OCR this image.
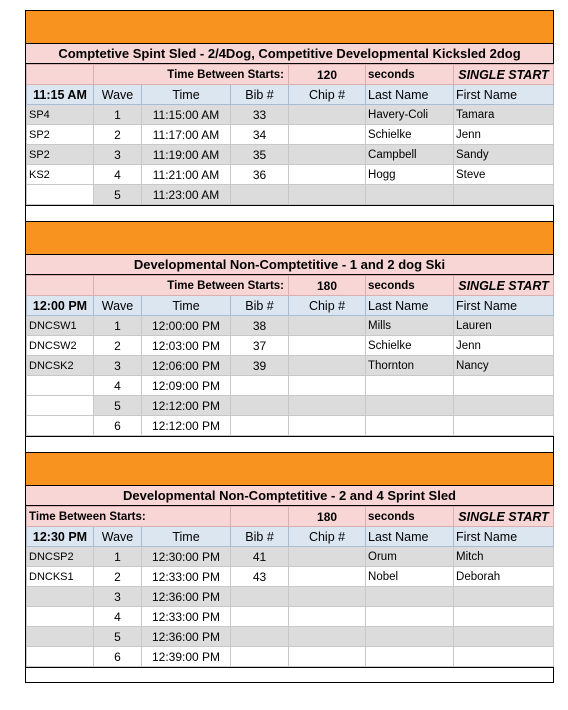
Comptetive Spint Sled - 2/4Dog, Competitive Developmental Kicksled 2dog
	Time Between Starts:			120	seconds	SINGLE START
11:15 AM	Wave	Time	Bib #	Chip #	Last Name	First Name
SP4	1	11:15:00 AM	33		Havery-Coli	Tamara
SP2	2	11:17:00 AM	34		Schielke	Jenn
SP2	3	11:19:00 AM	35		Campbell	Sandy
KS2	4	11:21:00 AM	36		Hogg	Steve
	5	11:23:00 AM				
Developmental Non-Comptetitive - 1 and 2 dog Ski
	Time Between Starts:			180	seconds	SINGLE START
12:00 PM	Wave	Time	Bib #	Chip #	Last Name	First Name
DNCSW1	1	12:00:00 PM	38		Mills	Lauren
DNCSW2	2	12:03:00 PM	37		Schielke	Jenn
DNCSK2	3	12:06:00 PM	39		Thornton	Nancy
	4	12:09:00 PM				
	5	12:12:00 PM				
	6	12:12:00 PM				
Developmental Non-Comptetitive - 2 and 4 Sprint Sled
Time Between Starts:				180	seconds	SINGLE START
12:30 PM	Wave	Time	Bib #	Chip #	Last Name	First Name
DNCSP2	1	12:30:00 PM	41		Orum	Mitch
DNCKS1	2	12:33:00 PM	43		Nobel	Deborah
	3	12:36:00 PM				
	4	12:33:00 PM				
	5	12:36:00 PM				
	6	12:39:00 PM				
